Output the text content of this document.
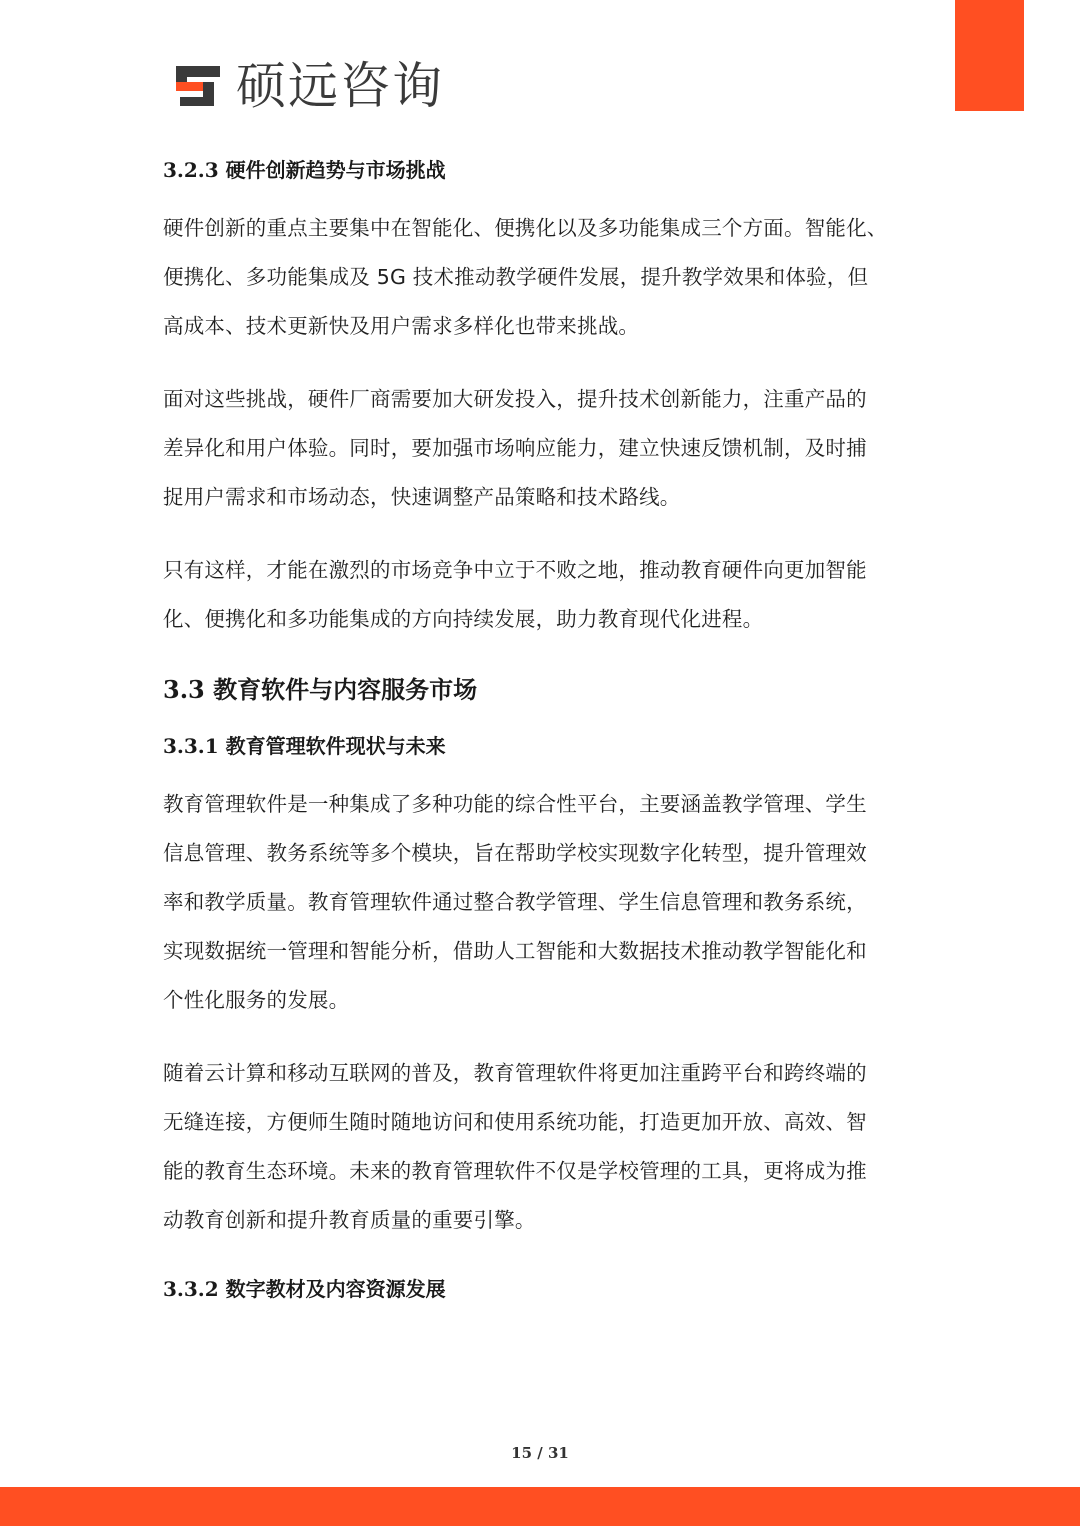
硕远咨询
3.2.3 硬件创新趋势与市场挑战
硬件创新的重点主要集中在智能化、便携化以及多功能集成三个方面。智能化、
便携化、多功能集成及 5G 技术推动教学硬件发展，提升教学效果和体验，但
高成本、技术更新快及用户需求多样化也带来挑战。
面对这些挑战，硬件厂商需要加大研发投入，提升技术创新能力，注重产品的
差异化和用户体验。同时，要加强市场响应能力，建立快速反馈机制，及时捕
捉用户需求和市场动态，快速调整产品策略和技术路线。
只有这样，才能在激烈的市场竞争中立于不败之地，推动教育硬件向更加智能
化、便携化和多功能集成的方向持续发展，助力教育现代化进程。
3.3 教育软件与内容服务市场
3.3.1 教育管理软件现状与未来
教育管理软件是一种集成了多种功能的综合性平台，主要涵盖教学管理、学生
信息管理、教务系统等多个模块，旨在帮助学校实现数字化转型，提升管理效
率和教学质量。教育管理软件通过整合教学管理、学生信息管理和教务系统，
实现数据统一管理和智能分析，借助人工智能和大数据技术推动教学智能化和
个性化服务的发展。
随着云计算和移动互联网的普及，教育管理软件将更加注重跨平台和跨终端的
无缝连接，方便师生随时随地访问和使用系统功能，打造更加开放、高效、智
能的教育生态环境。未来的教育管理软件不仅是学校管理的工具，更将成为推
动教育创新和提升教育质量的重要引擎。
3.3.2 数字教材及内容资源发展
15 / 31
